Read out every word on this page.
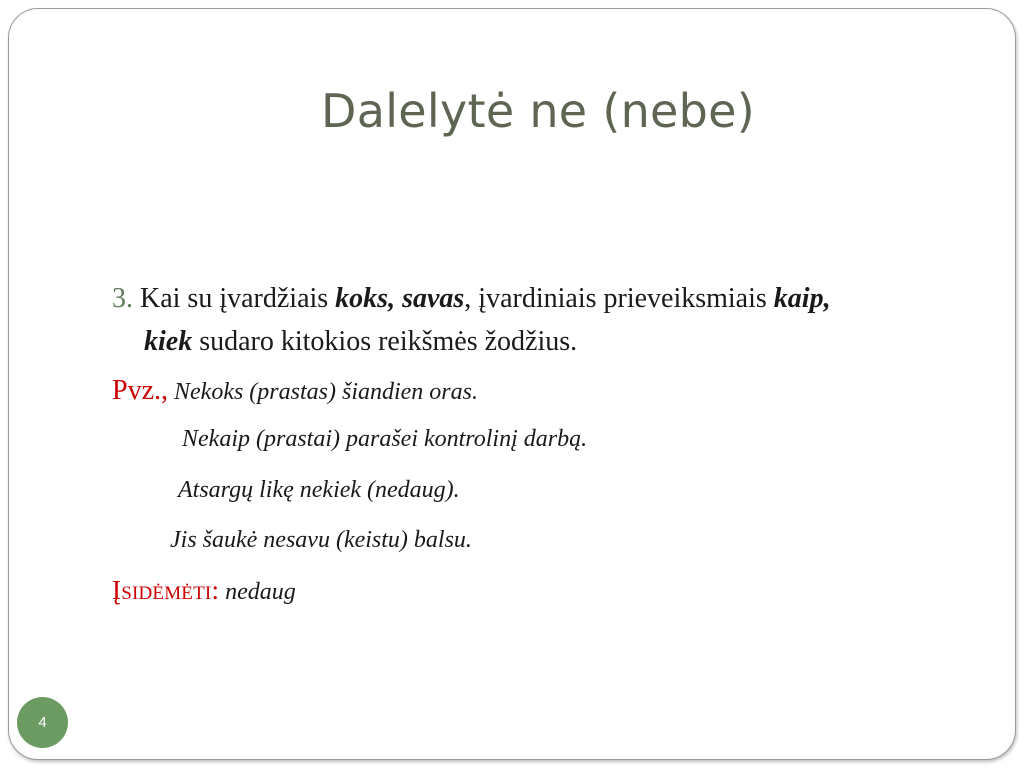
Dalelytė ne (nebe)
3. Kai su įvardžiais koks, savas, įvardiniais prieveiksmiais kaip,
kiek sudaro kitokios reikšmės žodžius.
Pvz., Nekoks (prastas) šiandien oras.
Nekaip (prastai) parašei kontrolinį darbą.
Atsargų likę nekiek (nedaug).
Jis šaukė nesavu (keistu) balsu.
Įsidėmėti: nedaug
4
